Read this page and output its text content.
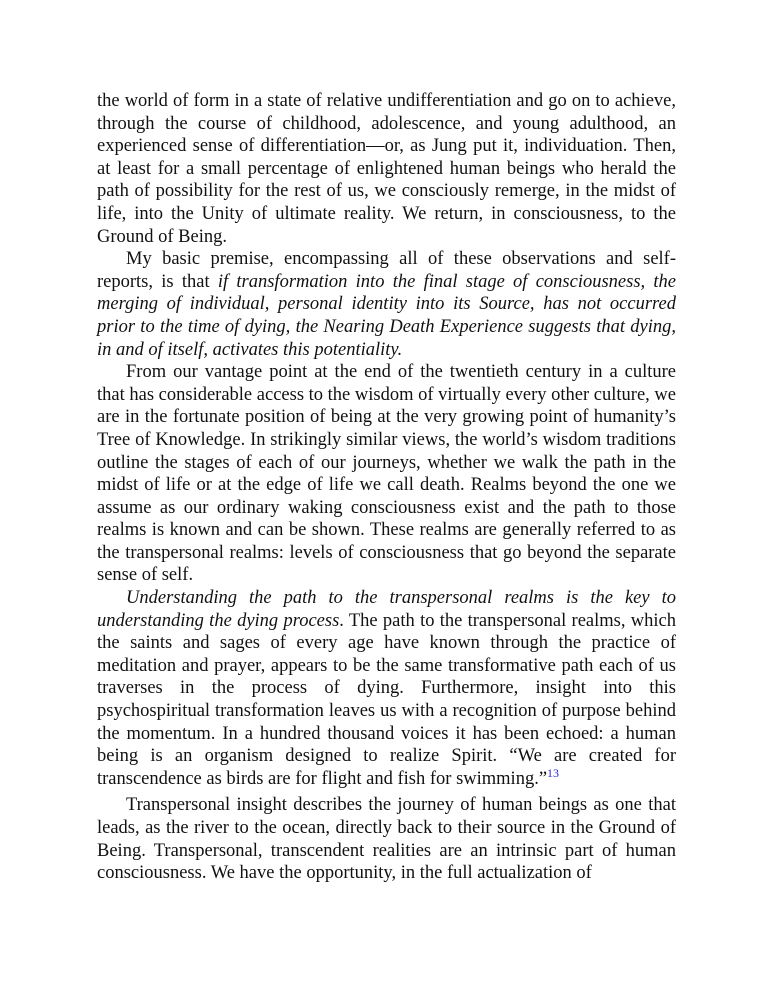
the world of form in a state of relative undifferentiation and go on to achieve, through the course of childhood, adolescence, and young adulthood, an experienced sense of differentiation—or, as Jung put it, individuation. Then, at least for a small percentage of enlightened human beings who herald the path of possibility for the rest of us, we consciously remerge, in the midst of life, into the Unity of ultimate reality. We return, in consciousness, to the Ground of Being.

My basic premise, encompassing all of these observations and self-reports, is that if transformation into the final stage of consciousness, the merging of individual, personal identity into its Source, has not occurred prior to the time of dying, the Nearing Death Experience suggests that dying, in and of itself, activates this potentiality.

From our vantage point at the end of the twentieth century in a culture that has considerable access to the wisdom of virtually every other culture, we are in the fortunate position of being at the very growing point of humanity’s Tree of Knowledge. In strikingly similar views, the world’s wisdom traditions outline the stages of each of our journeys, whether we walk the path in the midst of life or at the edge of life we call death. Realms beyond the one we assume as our ordinary waking consciousness exist and the path to those realms is known and can be shown. These realms are generally referred to as the transpersonal realms: levels of consciousness that go beyond the separate sense of self.

Understanding the path to the transpersonal realms is the key to understanding the dying process. The path to the transpersonal realms, which the saints and sages of every age have known through the practice of meditation and prayer, appears to be the same transformative path each of us traverses in the process of dying. Furthermore, insight into this psychospiritual transformation leaves us with a recognition of purpose behind the momentum. In a hundred thousand voices it has been echoed: a human being is an organism designed to realize Spirit. “We are created for transcendence as birds are for flight and fish for swimming.”$^{13}$

Transpersonal insight describes the journey of human beings as one that leads, as the river to the ocean, directly back to their source in the Ground of Being. Transpersonal, transcendent realities are an intrinsic part of human consciousness. We have the opportunity, in the full actualization of
